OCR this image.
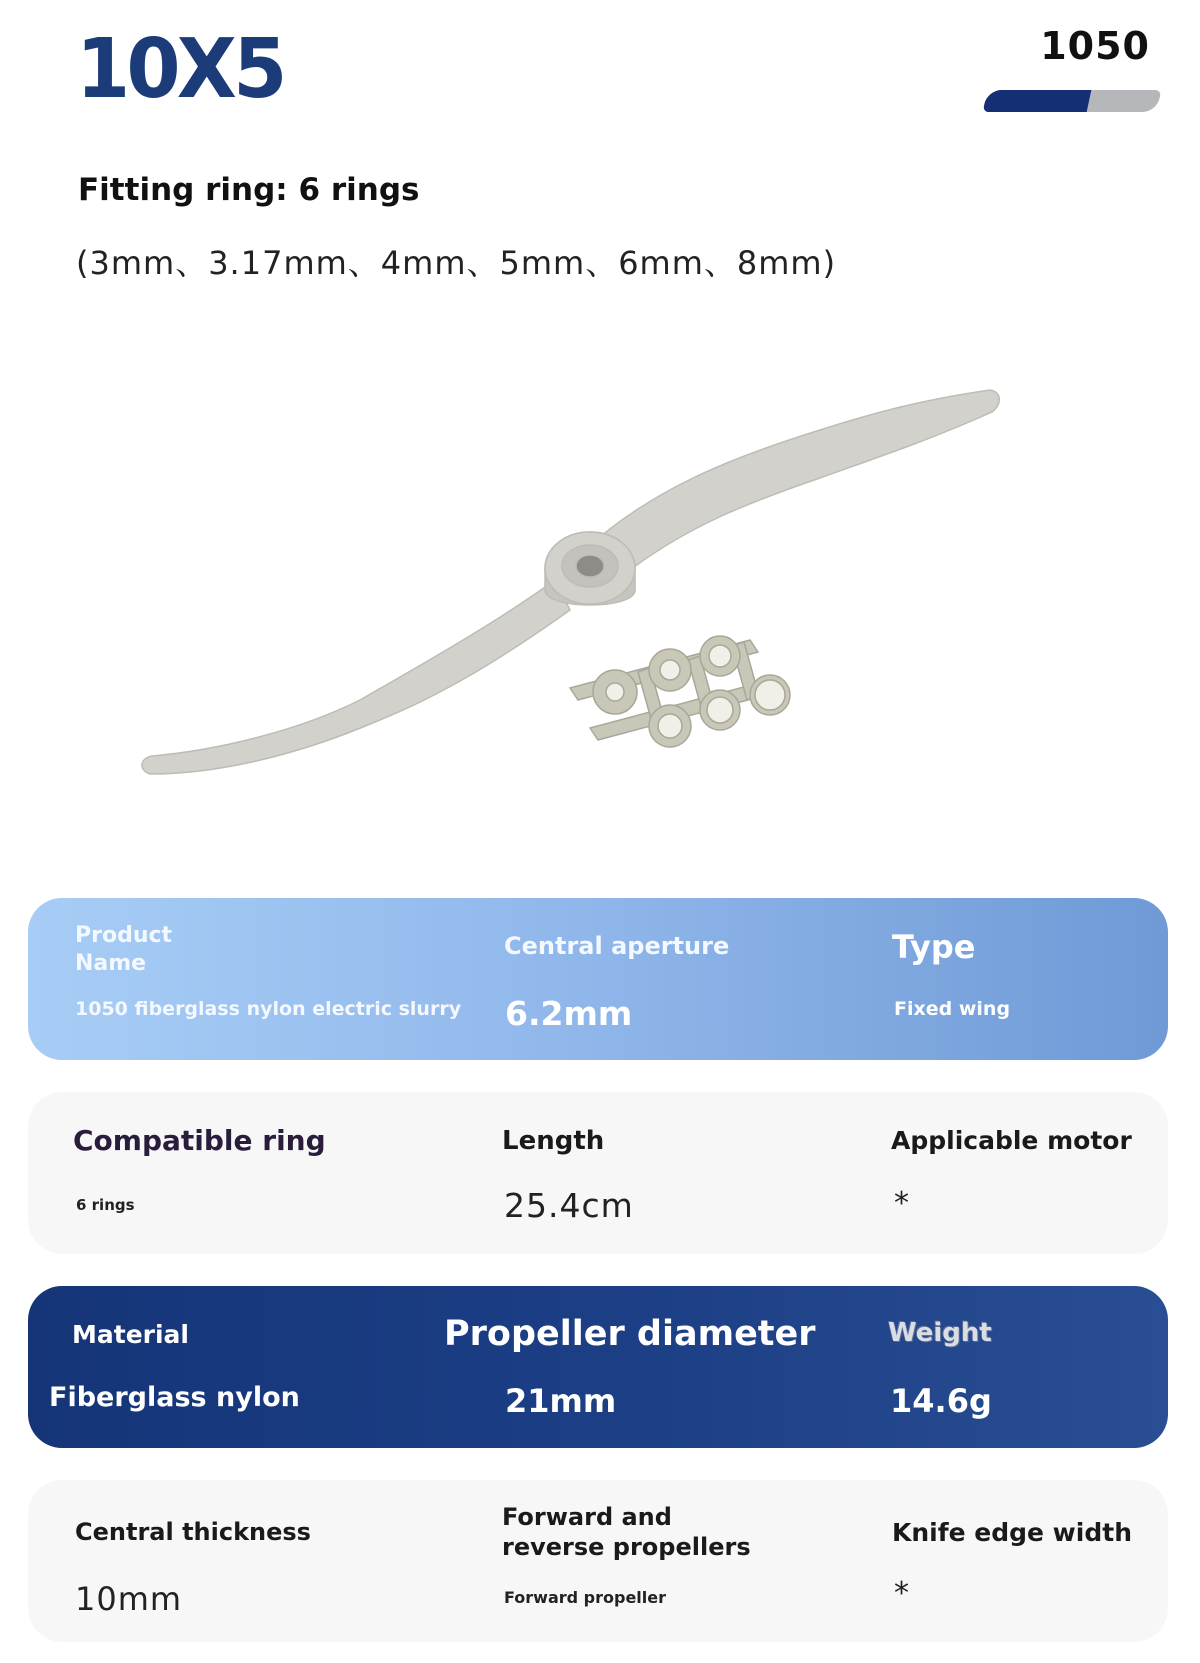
10X5	1050
Fitting ring: 6 rings
(3mm、3.17mm、4mm、5mm、6mm、8mm)
Product Name
1050 fiberglass nylon electric slurry
Central aperture
6.2mm
Type
Fixed wing
Compatible ring
6 rings
Length
25.4cm
Applicable motor
*
Material
Fiberglass nylon
Propeller diameter
21mm
Weight
14.6g
Central thickness
10mm
Forward and reverse propellers
Forward propeller
Knife edge width
*
